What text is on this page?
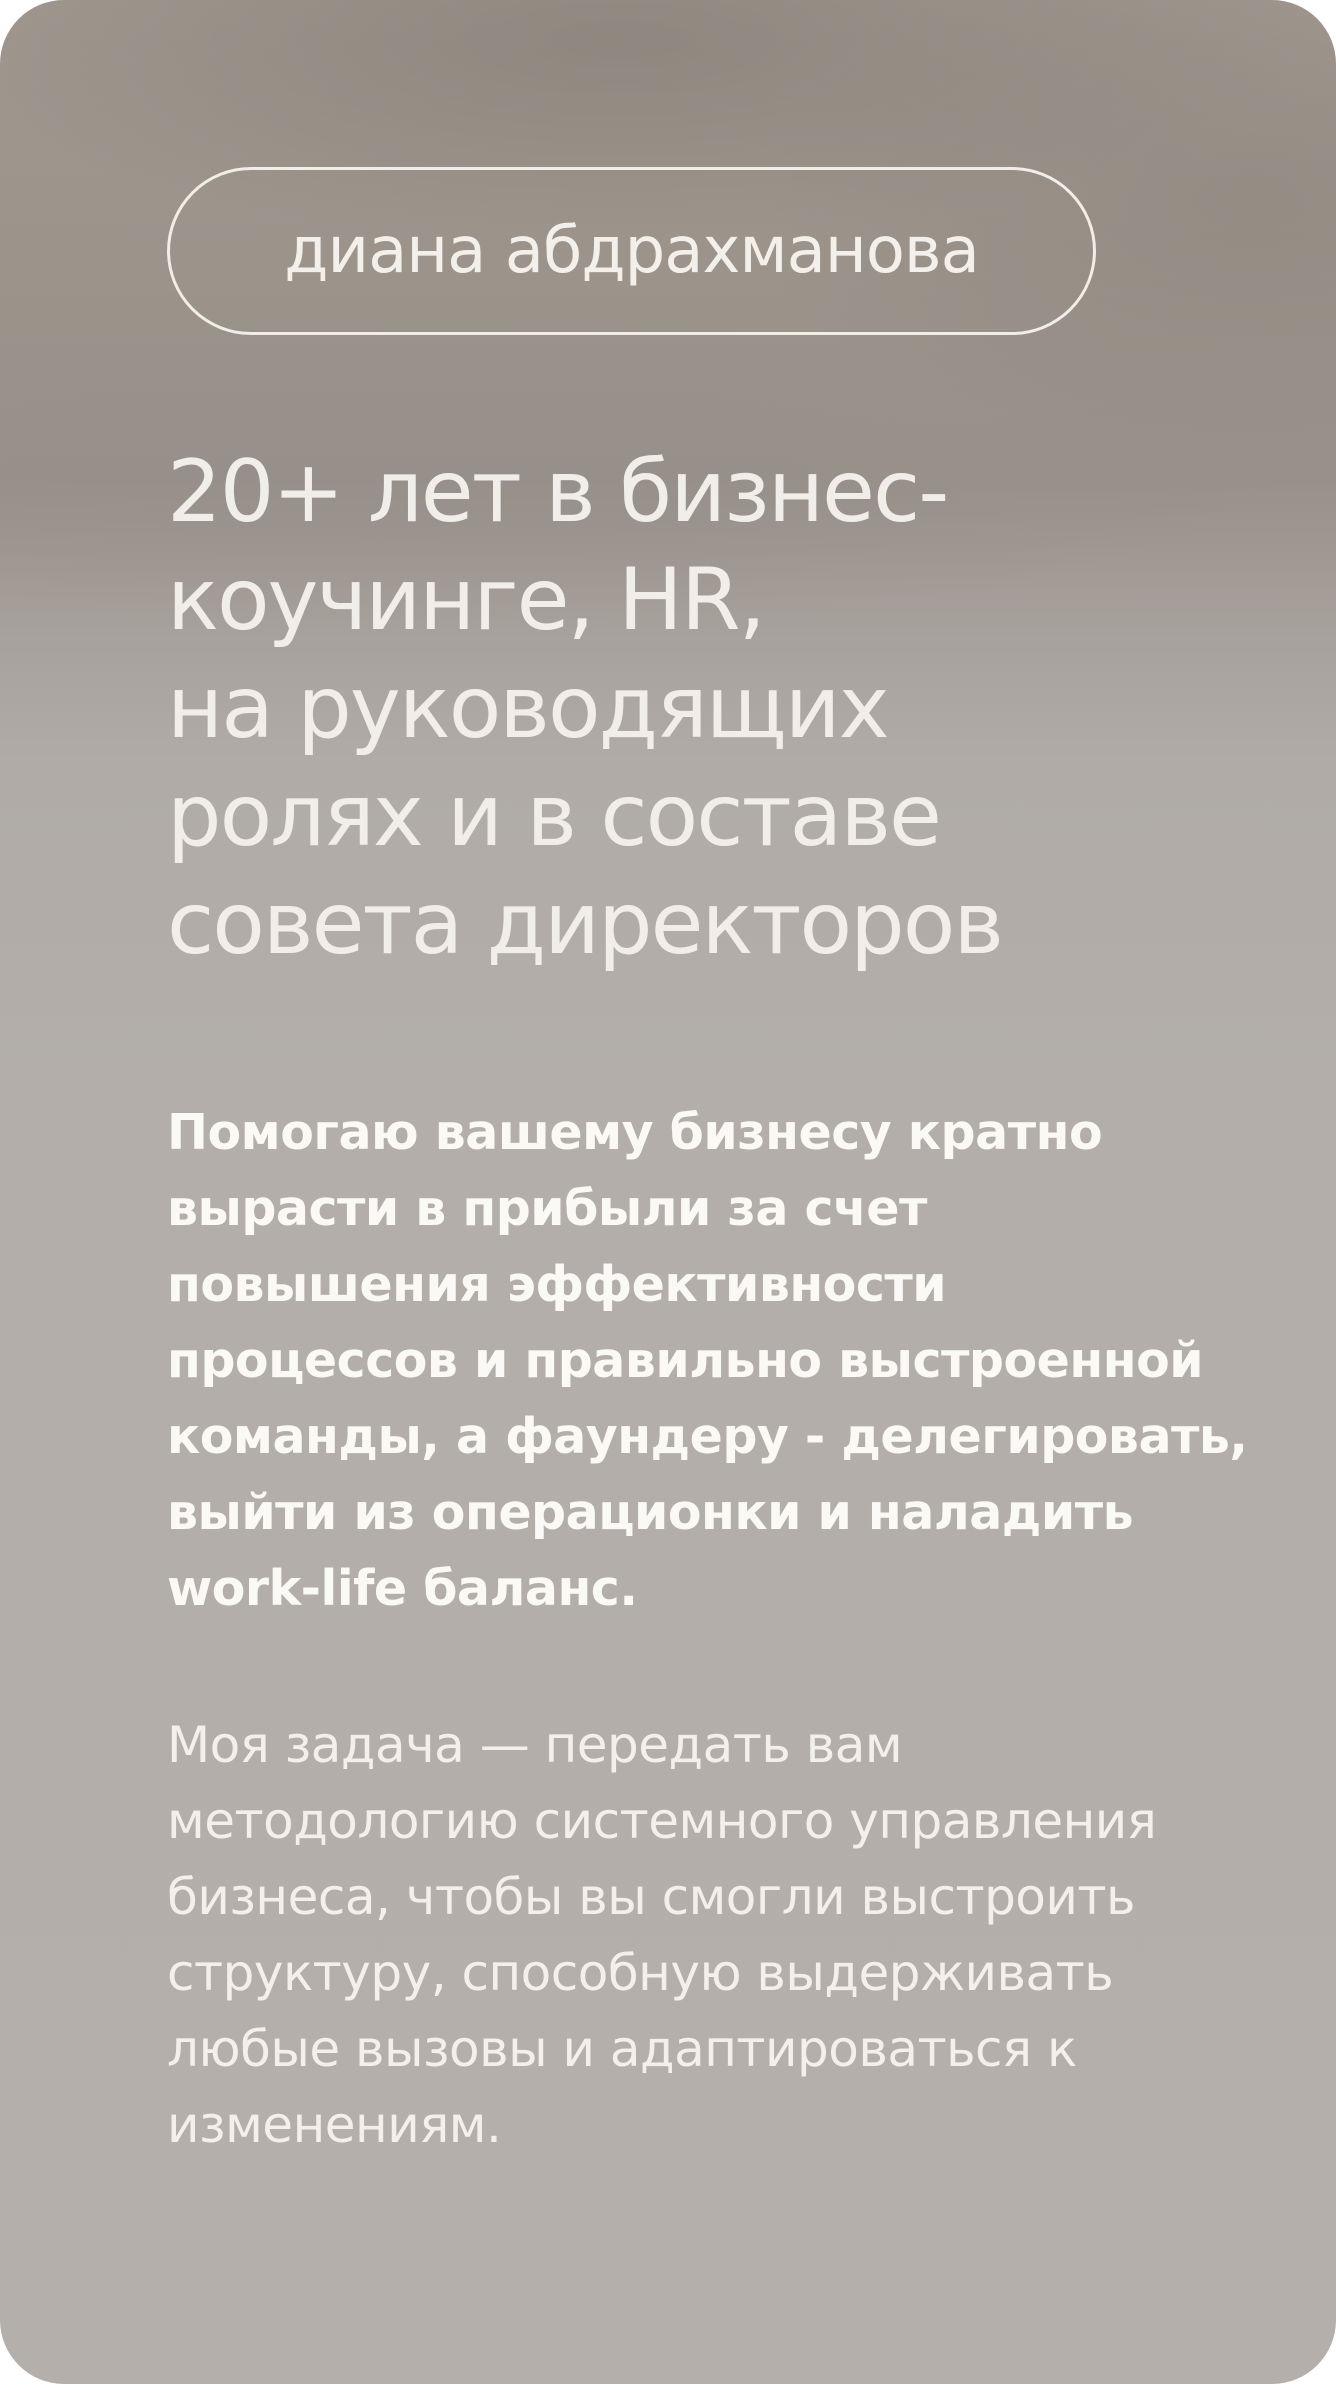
диана абдрахманова
20+ лет в бизнес-
коучинге, HR,
на руководящих
ролях и в составе
совета директоров
Помогаю вашему бизнесу кратно
вырасти в прибыли за счет
повышения эффективности
процессов и правильно выстроенной
команды, а фаундеру - делегировать,
выйти из операционки и наладить
work-life баланс.
Моя задача — передать вам
методологию системного управления
бизнеса, чтобы вы смогли выстроить
структуру, способную выдерживать
любые вызовы и адаптироваться к
изменениям.
